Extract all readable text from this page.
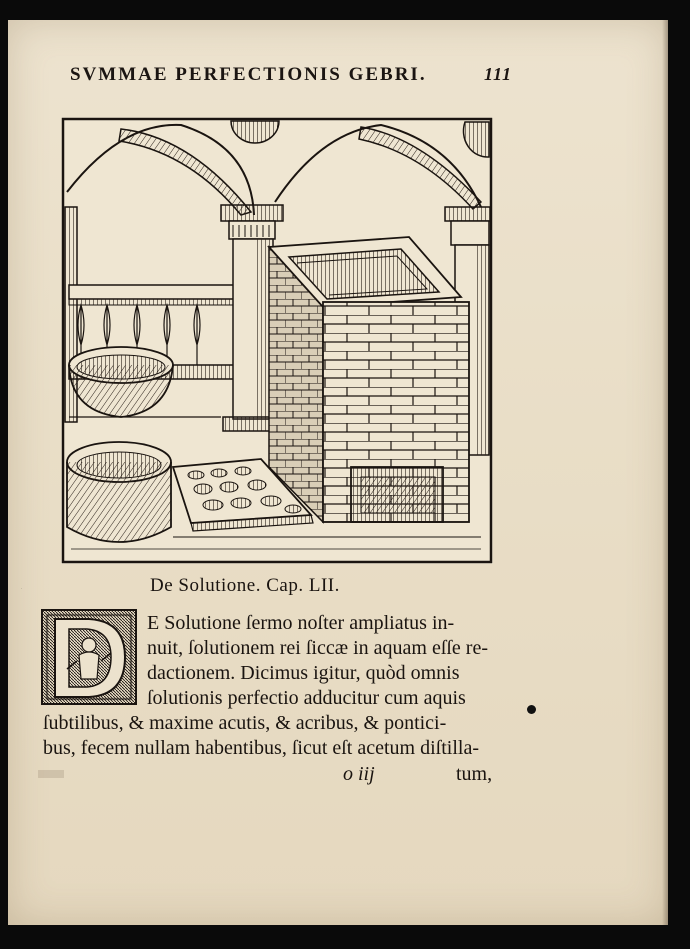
SVMMAE PERFECTIONIS GEBRI.	111
De Solutione. Cap. LII.
D
E Solutione ſermo noſter ampliatus in-
nuit, ſolutionem rei ſiccæ in aquam eſſe re-
dactionem. Dicimus igitur, quòd omnis
ſolutionis perfectio adducitur cum aquis
ſubtilibus, & maxime acutis, & acribus, & pontici-
bus, fecem nullam habentibus, ſicut eſt acetum diſtilla-
o iij	tum,
